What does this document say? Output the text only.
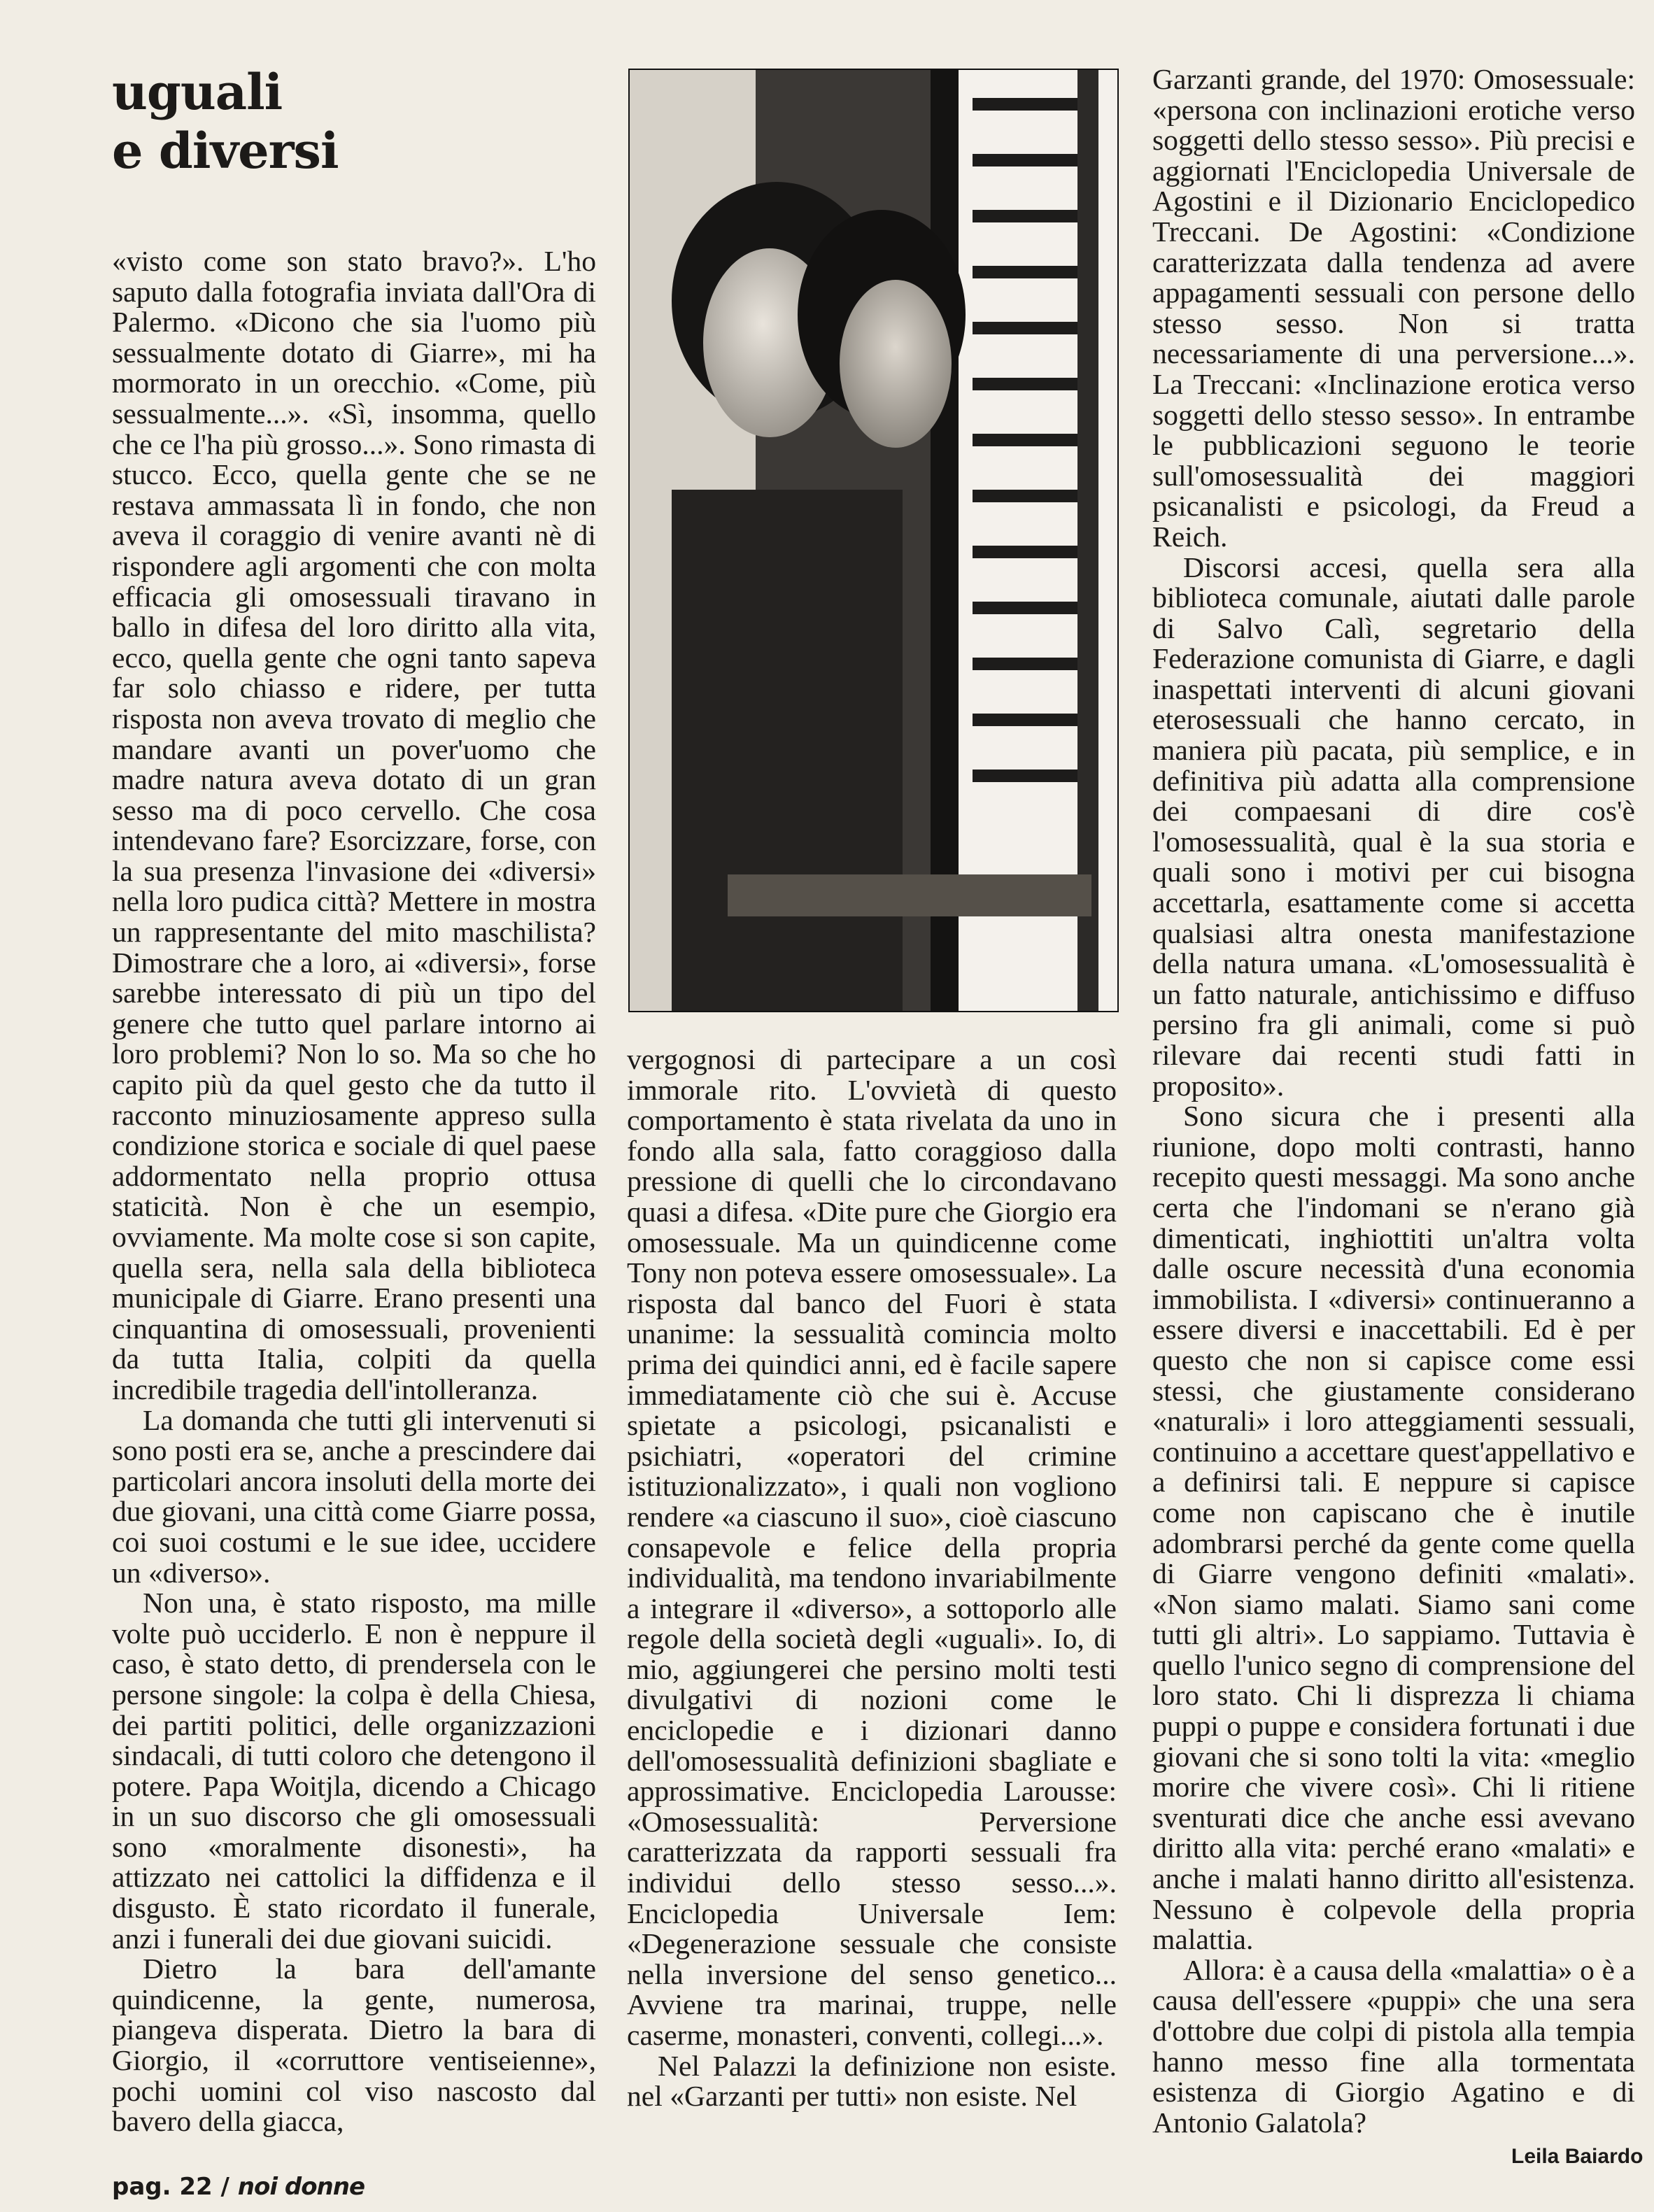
uguali
e diversi

«visto come son stato bravo?». L'ho saputo dalla fotografia inviata dall'Ora di Palermo. «Dicono che sia l'uomo più sessualmente dotato di Giarre», mi ha mormorato in un orecchio. «Come, più sessualmente...». «Sì, insomma, quello che ce l'ha più grosso...». Sono rimasta di stucco. Ecco, quella gente che se ne restava ammassata lì in fondo, che non aveva il coraggio di venire avanti nè di rispondere agli argomenti che con molta efficacia gli omosessuali tiravano in ballo in difesa del loro diritto alla vita, ecco, quella gente che ogni tanto sapeva far solo chiasso e ridere, per tutta risposta non aveva trovato di meglio che mandare avanti un pover'uomo che madre natura aveva dotato di un gran sesso ma di poco cervello. Che cosa intendevano fare? Esorcizzare, forse, con la sua presenza l'invasione dei «diversi» nella loro pudica città? Mettere in mostra un rappresentante del mito maschilista? Dimostrare che a loro, ai «diversi», forse sarebbe interessato di più un tipo del genere che tutto quel parlare intorno ai loro problemi? Non lo so. Ma so che ho capito più da quel gesto che da tutto il racconto minuziosamente appreso sulla condizione storica e sociale di quel paese addormentato nella proprio ottusa staticità. Non è che un esempio, ovviamente. Ma molte cose si son capite, quella sera, nella sala della biblioteca municipale di Giarre. Erano presenti una cinquantina di omosessuali, provenienti da tutta Italia, colpiti da quella incredibile tragedia dell'intolleranza.

La domanda che tutti gli intervenuti si sono posti era se, anche a prescindere dai particolari ancora insoluti della morte dei due giovani, una città come Giarre possa, coi suoi costumi e le sue idee, uccidere un «diverso».

Non una, è stato risposto, ma mille volte può ucciderlo. E non è neppure il caso, è stato detto, di prendersela con le persone singole: la colpa è della Chiesa, dei partiti politici, delle organizzazioni sindacali, di tutti coloro che detengono il potere. Papa Woitjla, dicendo a Chicago in un suo discorso che gli omosessuali sono «moralmente disonesti», ha attizzato nei cattolici la diffidenza e il disgusto. È stato ricordato il funerale, anzi i funerali dei due giovani suicidi.

Dietro la bara dell'amante quindicenne, la gente, numerosa, piangeva disperata. Dietro la bara di Giorgio, il «corruttore ventiseienne», pochi uomini col viso nascosto dal bavero della giacca,

vergognosi di partecipare a un così immorale rito. L'ovvietà di questo comportamento è stata rivelata da uno in fondo alla sala, fatto coraggioso dalla pressione di quelli che lo circondavano quasi a difesa. «Dite pure che Giorgio era omosessuale. Ma un quindicenne come Tony non poteva essere omosessuale». La risposta dal banco del Fuori è stata unanime: la sessualità comincia molto prima dei quindici anni, ed è facile sapere immediatamente ciò che sui è. Accuse spietate a psicologi, psicanalisti e psichiatri, «operatori del crimine istituzionalizzato», i quali non vogliono rendere «a ciascuno il suo», cioè ciascuno consapevole e felice della propria individualità, ma tendono invariabilmente a integrare il «diverso», a sottoporlo alle regole della società degli «uguali». Io, di mio, aggiungerei che persino molti testi divulgativi di nozioni come le enciclopedie e i dizionari danno dell'omosessualità definizioni sbagliate e approssimative. Enciclopedia Larousse: «Omosessualità: Perversione caratterizzata da rapporti sessuali fra individui dello stesso sesso...». Enciclopedia Universale Iem: «Degenerazione sessuale che consiste nella inversione del senso genetico... Avviene tra marinai, truppe, nelle caserme, monasteri, conventi, collegi...».

Nel Palazzi la definizione non esiste. nel «Garzanti per tutti» non esiste. Nel

Garzanti grande, del 1970: Omosessuale: «persona con inclinazioni erotiche verso soggetti dello stesso sesso». Più precisi e aggiornati l'Enciclopedia Universale de Agostini e il Dizionario Enciclopedico Treccani. De Agostini: «Condizione caratterizzata dalla tendenza ad avere appagamenti sessuali con persone dello stesso sesso. Non si tratta necessariamente di una perversione...». La Treccani: «Inclinazione erotica verso soggetti dello stesso sesso». In entrambe le pubblicazioni seguono le teorie sull'omosessualità dei maggiori psicanalisti e psicologi, da Freud a Reich.

Discorsi accesi, quella sera alla biblioteca comunale, aiutati dalle parole di Salvo Calì, segretario della Federazione comunista di Giarre, e dagli inaspettati interventi di alcuni giovani eterosessuali che hanno cercato, in maniera più pacata, più semplice, e in definitiva più adatta alla comprensione dei compaesani di dire cos'è l'omosessualità, qual è la sua storia e quali sono i motivi per cui bisogna accettarla, esattamente come si accetta qualsiasi altra onesta manifestazione della natura umana. «L'omosessualità è un fatto naturale, antichissimo e diffuso persino fra gli animali, come si può rilevare dai recenti studi fatti in proposito».

Sono sicura che i presenti alla riunione, dopo molti contrasti, hanno recepito questi messaggi. Ma sono anche certa che l'indomani se n'erano già dimenticati, inghiottiti un'altra volta dalle oscure necessità d'una economia immobilista. I «diversi» continueranno a essere diversi e inaccettabili. Ed è per questo che non si capisce come essi stessi, che giustamente considerano «naturali» i loro atteggiamenti sessuali, continuino a accettare quest'appellativo e a definirsi tali. E neppure si capisce come non capiscano che è inutile adombrarsi perché da gente come quella di Giarre vengono definiti «malati». «Non siamo malati. Siamo sani come tutti gli altri». Lo sappiamo. Tuttavia è quello l'unico segno di comprensione del loro stato. Chi li disprezza li chiama puppi o puppe e considera fortunati i due giovani che si sono tolti la vita: «meglio morire che vivere così». Chi li ritiene sventurati dice che anche essi avevano diritto alla vita: perché erano «malati» e anche i malati hanno diritto all'esistenza. Nessuno è colpevole della propria malattia.

Allora: è a causa della «malattia» o è a causa dell'essere «puppi» che una sera d'ottobre due colpi di pistola alla tempia hanno messo fine alla tormentata esistenza di Giorgio Agatino e di Antonio Galatola?

Leila Baiardo
pag. 22 / noi donne
